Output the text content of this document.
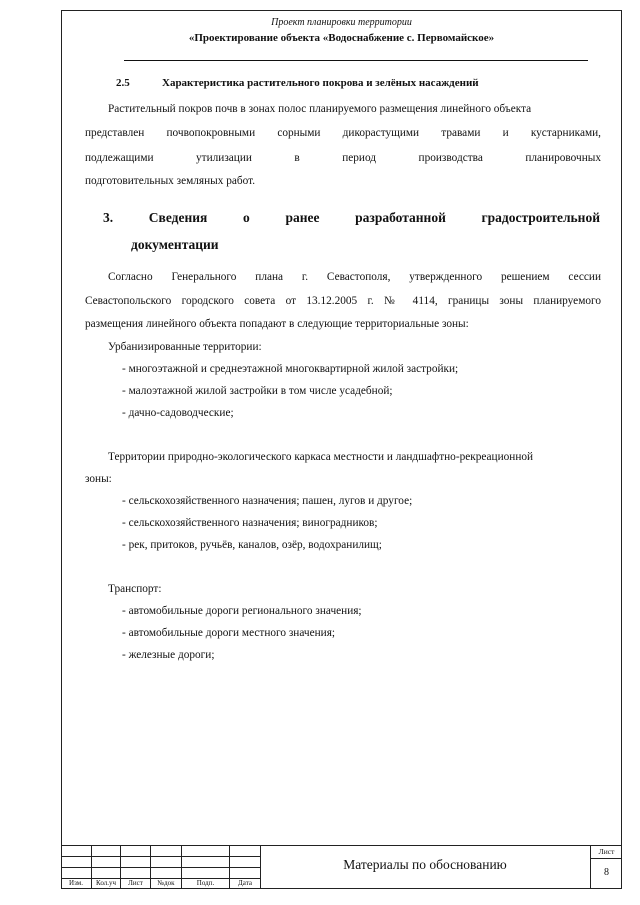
Проект планировки территории
«Проектирование объекта «Водоснабжение с. Первомайское»
2.5	Характеристика растительного покрова и зелёных насаждений
Растительный покров почв в зонах полос планируемого размещения линейного объекта

представлен почвопокровными сорными дикорастущими травами и кустарниками,

подлежащими утилизации в период производства планировочных

подготовительных земляных работ.
3.	Сведения	о	ранее	разработанной	градостроительной
документации

Согласно Генерального плана г. Севастополя, утвержденного решением сессии

Севастопольского городского совета от 13.12.2005 г. № 4114, границы зоны планируемого

размещения линейного объекта попадают в следующие территориальные зоны:
Урбанизированные территории:
- многоэтажной и среднеэтажной многоквартирной жилой застройки;
- малоэтажной жилой застройки в том числе усадебной;
- дачно-садоводческие;
Территории природно-экологического каркаса местности и ландшафтно-рекреационной
зоны:
- сельскохозяйственного назначения; пашен, лугов и другое;
- сельскохозяйственного назначения; виноградников;
- рек, притоков, ручьёв, каналов, озёр, водохранилищ;
Транспорт:
- автомобильные дороги регионального значения;
- автомобильные дороги местного значения;
- железные дороги;
Изм.	Кол.уч	Лист	№док	Подп.	Дата
Лист
8
Материалы по обоснованию
